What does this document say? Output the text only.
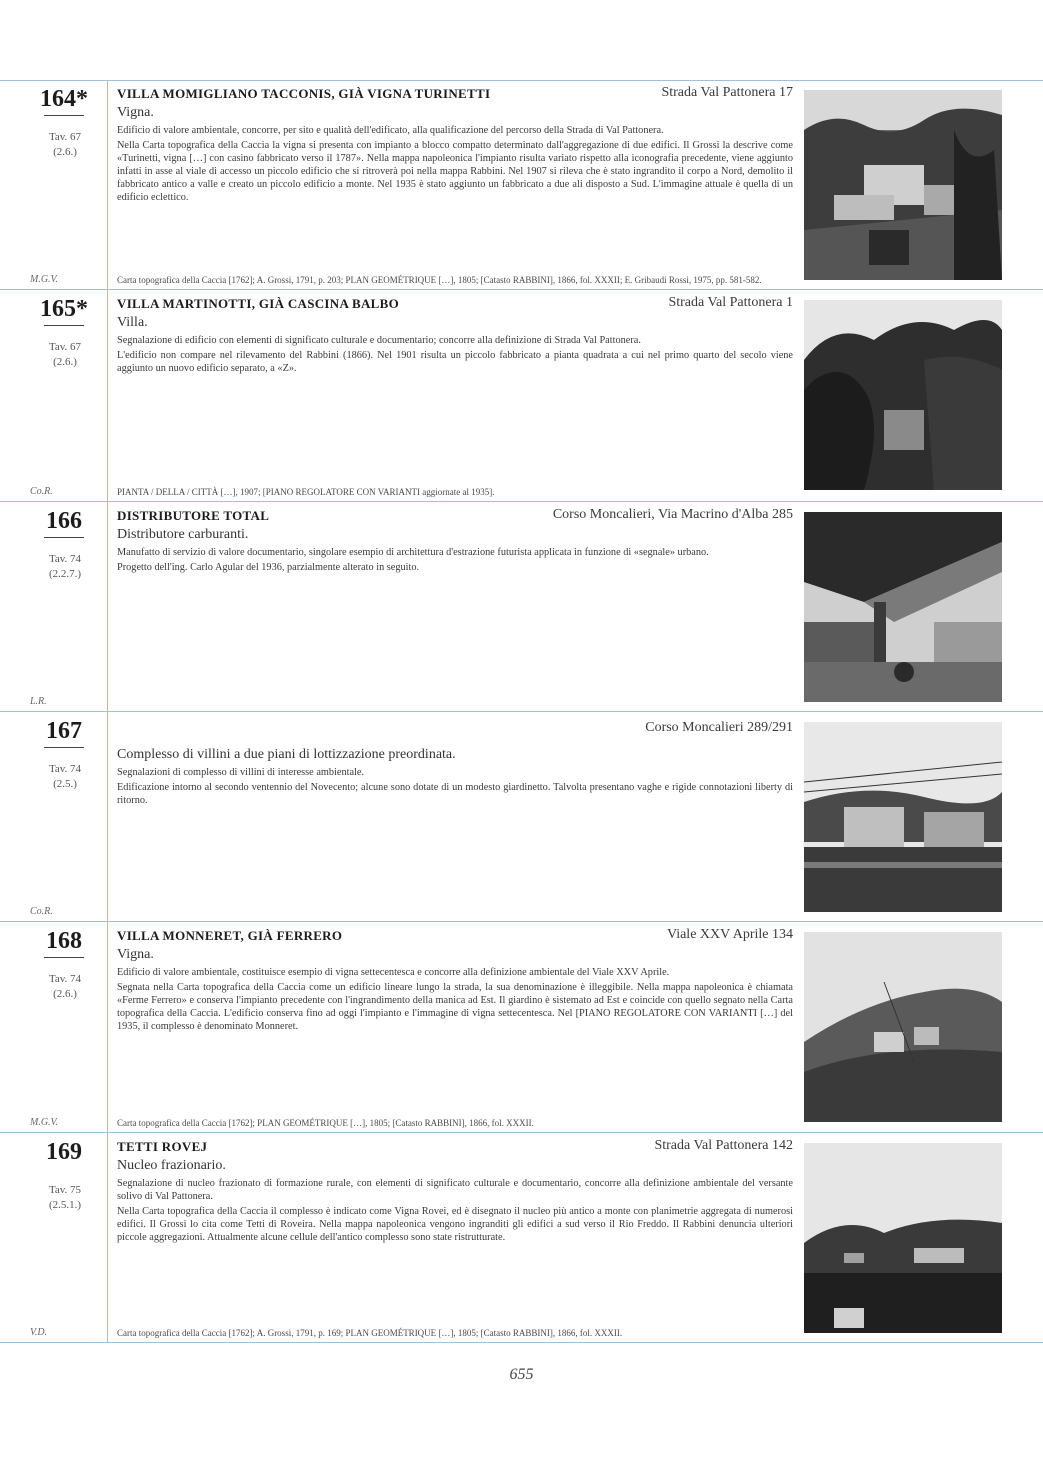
164*
Tav. 67
(2.6.)
M.G.V.
VILLA MOMIGLIANO TACCONIS, GIÀ VIGNA TURINETTI	Strada Val Pattonera 17
Vigna.

Edificio di valore ambientale, concorre, per sito e qualità dell'edificato, alla qualificazione del percorso della Strada di Val Pattonera.

Nella Carta topografica della Caccia la vigna si presenta con impianto a blocco compatto determinato dall'aggregazione di due edifici. Il Grossi la descrive come «Turinetti, vigna […] con casino fabbricato verso il 1787». Nella mappa napoleonica l'impianto risulta variato rispetto alla iconografia precedente, viene aggiunto infatti in asse al viale di accesso un piccolo edificio che si ritroverà poi nella mappa Rabbini. Nel 1907 si rileva che è stato ingrandito il corpo a Nord, demolito il fabbricato antico a valle e creato un piccolo edificio a monte. Nel 1935 è stato aggiunto un fabbricato a due ali disposto a Sud. L'immagine attuale è quella di un edificio eclettico.

Carta topografica della Caccia [1762]; A. Grossi, 1791, p. 203; PLAN GEOMÉTRIQUE […], 1805; [Catasto RABBINI], 1866, fol. XXXII; E. Gribaudi Rossi, 1975, pp. 581-582.
165*
Tav. 67
(2.6.)
Co.R.
VILLA MARTINOTTI, GIÀ CASCINA BALBO	Strada Val Pattonera 1
Villa.

Segnalazione di edificio con elementi di significato culturale e documentario; concorre alla definizione di Strada Val Pattonera.

L'edificio non compare nel rilevamento del Rabbini (1866). Nel 1901 risulta un piccolo fabbricato a pianta quadrata a cui nel primo quarto del secolo viene aggiunto un nuovo edificio separato, a «Z».

PIANTA / DELLA / CITTÀ […], 1907; [PIANO REGOLATORE CON VARIANTI aggiornate al 1935].
166
Tav. 74
(2.2.7.)
L.R.
DISTRIBUTORE TOTAL	Corso Moncalieri, Via Macrino d'Alba 285
Distributore carburanti.

Manufatto di servizio di valore documentario, singolare esempio di architettura d'estrazione futurista applicata in funzione di «segnale» urbano.

Progetto dell'ing. Carlo Agular del 1936, parzialmente alterato in seguito.

167
Tav. 74
(2.5.)
Co.R.
Corso Moncalieri 289/291
Complesso di villini a due piani di lottizzazione preordinata.

Segnalazioni di complesso di villini di interesse ambientale.

Edificazione intorno al secondo ventennio del Novecento; alcune sono dotate di un modesto giardinetto. Talvolta presentano vaghe e rigide connotazioni liberty di ritorno.

168
Tav. 74
(2.6.)
M.G.V.
VILLA MONNERET, GIÀ FERRERO	Viale XXV Aprile 134
Vigna.

Edificio di valore ambientale, costituisce esempio di vigna settecentesca e concorre alla definizione ambientale del Viale XXV Aprile.

Segnata nella Carta topografica della Caccia come un edificio lineare lungo la strada, la sua denominazione è illeggibile. Nella mappa napoleonica è chiamata «Ferme Ferrero» e conserva l'impianto precedente con l'ingrandimento della manica ad Est. Il giardino è sistemato ad Est e coincide con quello segnato nella Carta topografica della Caccia. L'edificio conserva fino ad oggi l'impianto e l'immagine di vigna settecentesca. Nel [PIANO REGOLATORE CON VARIANTI […] del 1935, il complesso è denominato Monneret.

Carta topografica della Caccia [1762]; PLAN GEOMÉTRIQUE […], 1805; [Catasto RABBINI], 1866, fol. XXXII.
169
Tav. 75
(2.5.1.)
V.D.
TETTI ROVEJ	Strada Val Pattonera 142
Nucleo frazionario.

Segnalazione di nucleo frazionato di formazione rurale, con elementi di significato culturale e documentario, concorre alla definizione ambientale del versante solivo di Val Pattonera.

Nella Carta topografica della Caccia il complesso è indicato come Vigna Rovei, ed è disegnato il nucleo più antico a monte con planimetrie aggregata di numerosi edifici. Il Grossi lo cita come Tetti di Roveira. Nella mappa napoleonica vengono ingranditi gli edifici a sud verso il Rio Freddo. Il Rabbini denuncia ulteriori piccole aggregazioni. Attualmente alcune cellule dell'antico complesso sono state ristrutturate.

Carta topografica della Caccia [1762]; A. Grossi, 1791, p. 169; PLAN GEOMÉTRIQUE […], 1805; [Catasto RABBINI], 1866, fol. XXXII.
655
